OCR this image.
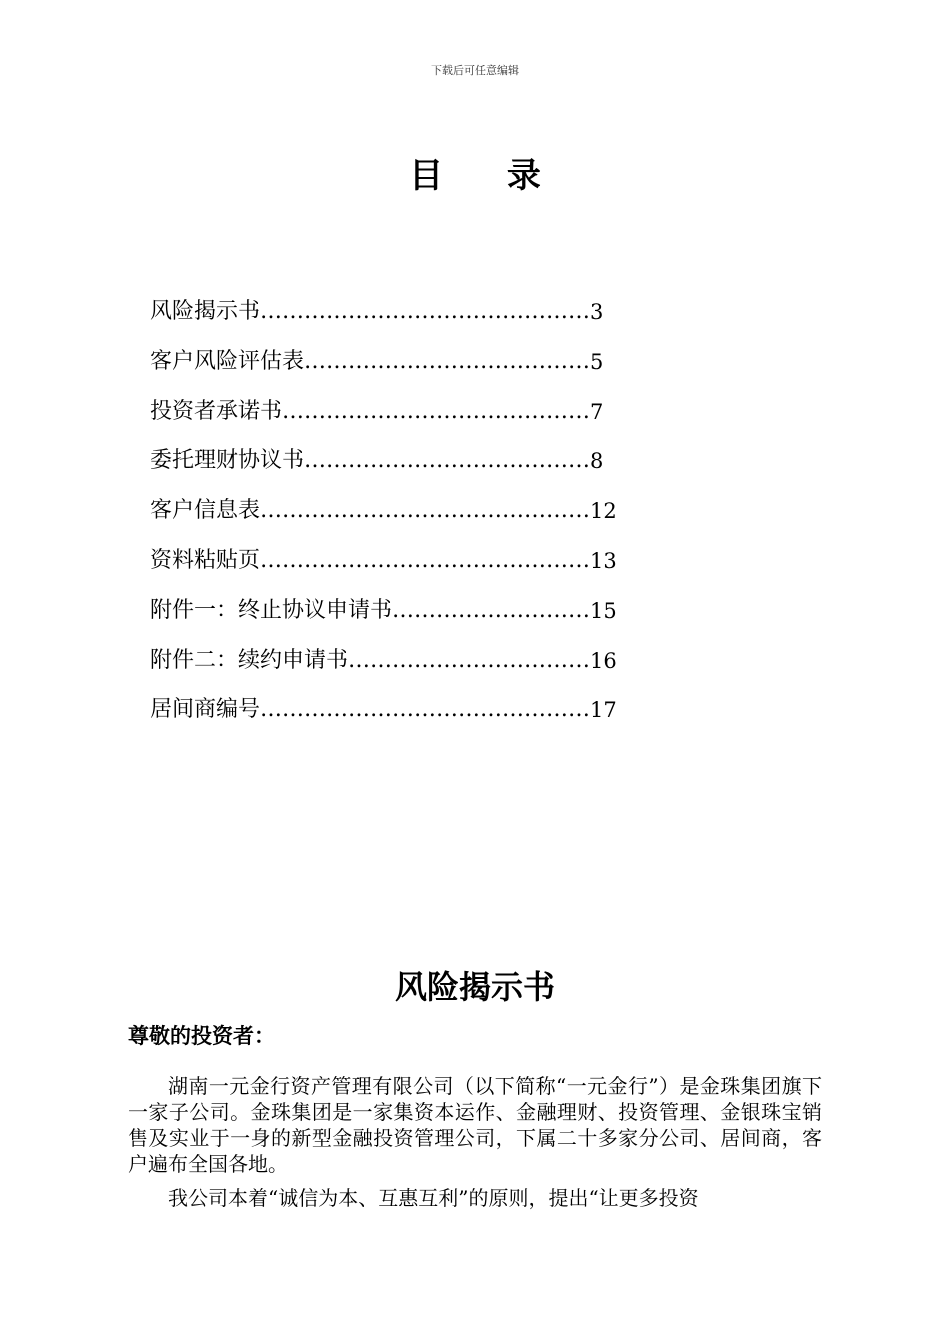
下载后可任意编辑
目 录
风险揭示书 ……………………………………… 3
客户风险评估表 ………………………………… 5
投资者承诺书 …………………………………… 7
委托理财协议书 ………………………………… 8
客户信息表 ……………………………………… 12
资料粘贴页 ……………………………………… 13
附件一：终止协议申请书 ……………………… 15
附件二：续约申请书 …………………………… 16
居间商编号 ……………………………………… 17
风险揭示书
尊敬的投资者：

湖南一元金行资产管理有限公司（以下简称“一元金行”）是金珠集团旗下一家子公司。金珠集团是一家集资本运作、金融理财、投资管理、金银珠宝销售及实业于一身的新型金融投资管理公司，下属二十多家分公司、居间商，客户遍布全国各地。

我公司本着“诚信为本、互惠互利”的原则，提出“让更多投资
